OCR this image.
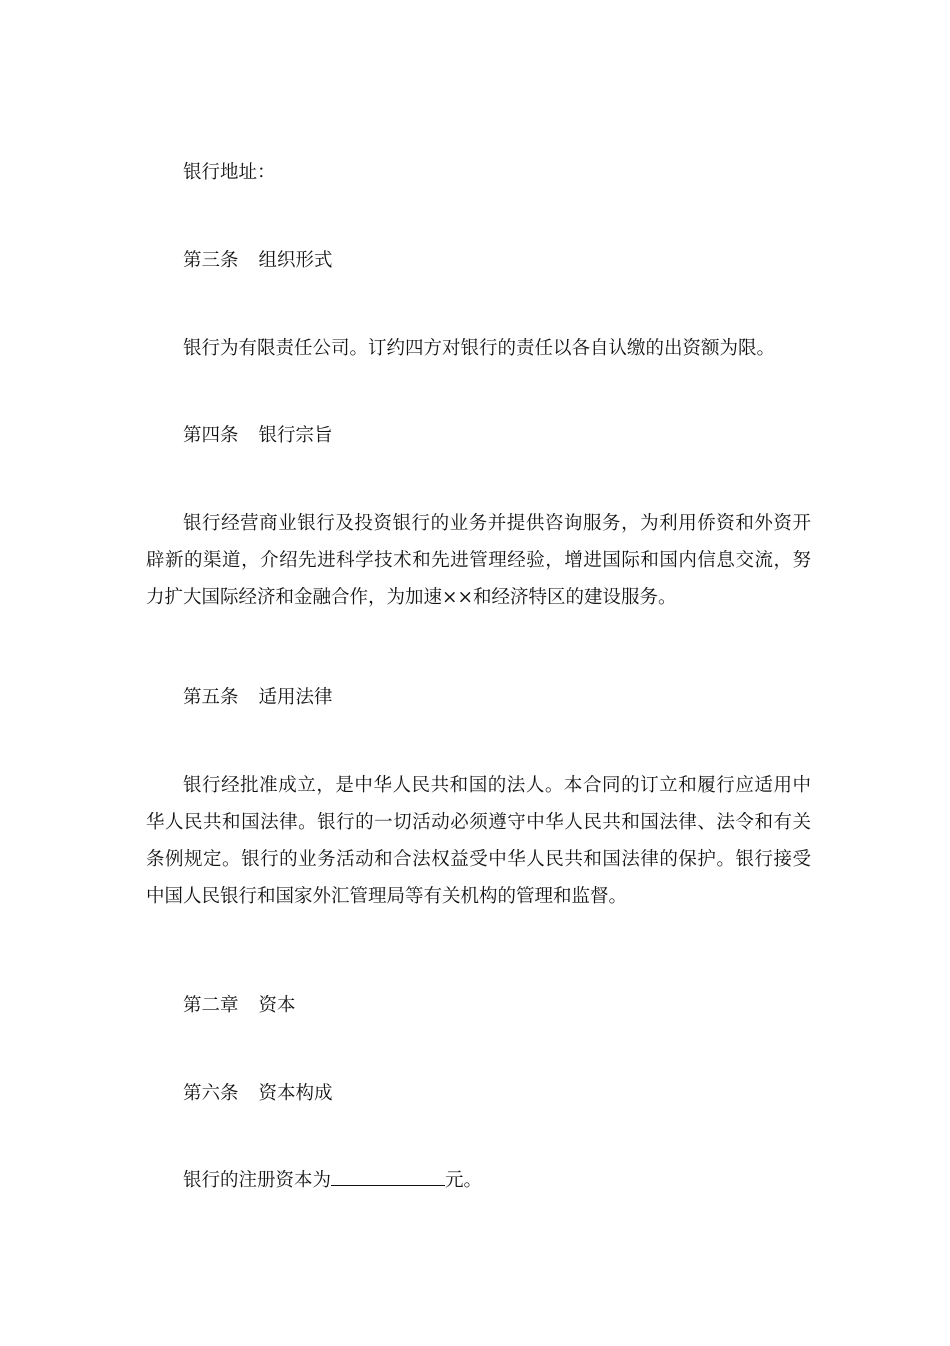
银行地址：
第三条 组织形式
银行为有限责任公司。订约四方对银行的责任以各自认缴的出资额为限。
第四条 银行宗旨
银行经营商业银行及投资银行的业务并提供咨询服务，为利用侨资和外资开辟新的渠道，介绍先进科学技术和先进管理经验，增进国际和国内信息交流，努力扩大国际经济和金融合作，为加速××和经济特区的建设服务。
第五条 适用法律
银行经批准成立，是中华人民共和国的法人。本合同的订立和履行应适用中华人民共和国法律。银行的一切活动必须遵守中华人民共和国法律、法令和有关条例规定。银行的业务活动和合法权益受中华人民共和国法律的保护。银行接受中国人民银行和国家外汇管理局等有关机构的管理和监督。
第二章 资本
第六条 资本构成
银行的注册资本为	元。
